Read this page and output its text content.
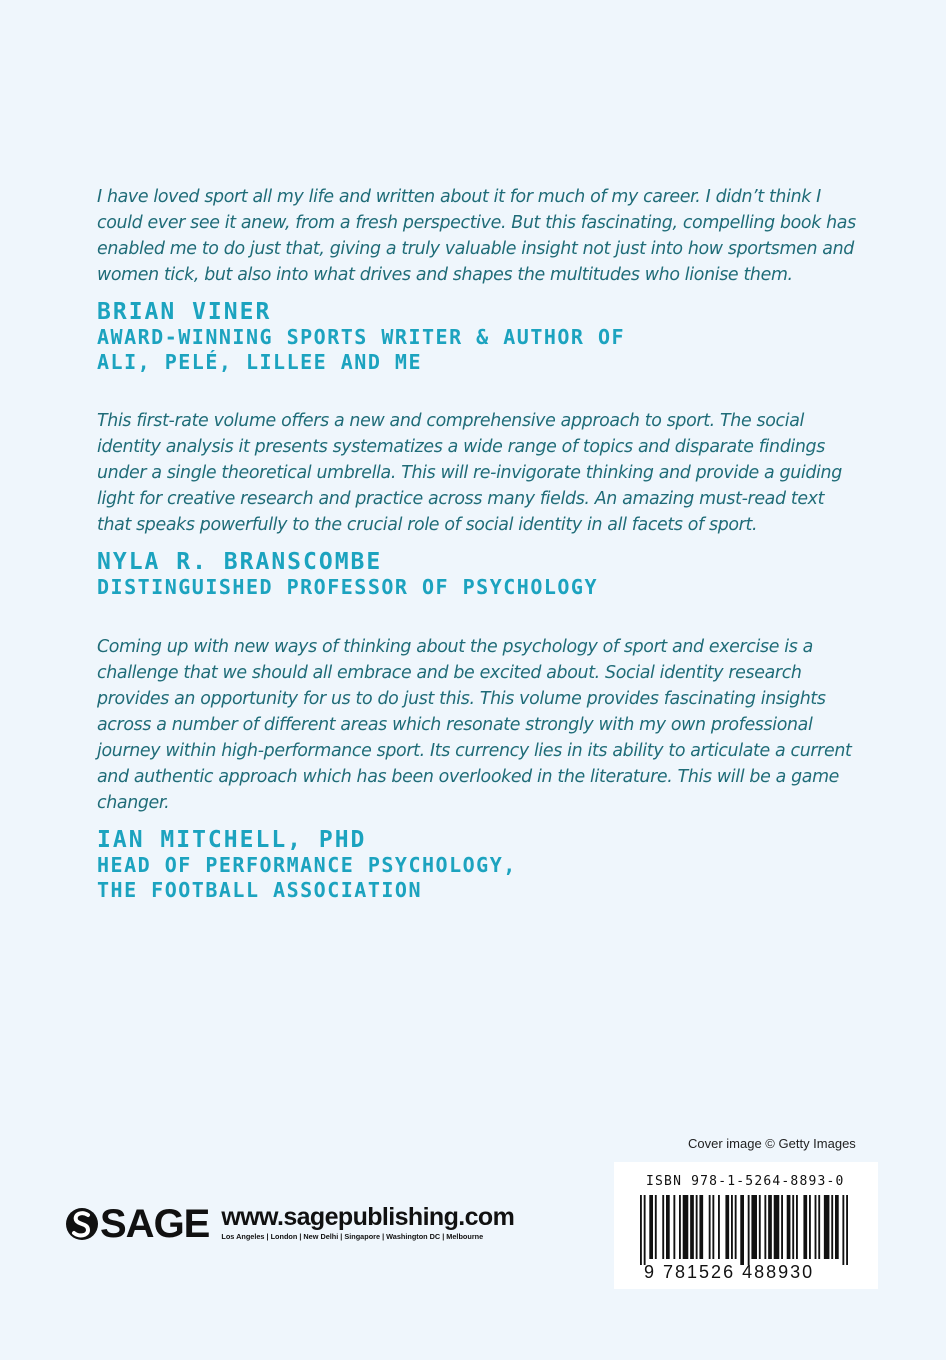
I have loved sport all my life and written about it for much of my career. I didn’t think I could ever see it anew, from a fresh perspective. But this fascinating, compelling book has enabled me to do just that, giving a truly valuable insight not just into how sportsmen and women tick, but also into what drives and shapes the multitudes who lionise them.

BRIAN VINER
AWARD-WINNING SPORTS WRITER & AUTHOR OF
ALI, PELÉ, LILLEE AND ME

This first-rate volume offers a new and comprehensive approach to sport. The social identity analysis it presents systematizes a wide range of topics and disparate findings under a single theoretical umbrella. This will re-invigorate thinking and provide a guiding light for creative research and practice across many fields. An amazing must-read text that speaks powerfully to the crucial role of social identity in all facets of sport.

NYLA R. BRANSCOMBE
DISTINGUISHED PROFESSOR OF PSYCHOLOGY

Coming up with new ways of thinking about the psychology of sport and exercise is a challenge that we should all embrace and be excited about. Social identity research provides an opportunity for us to do just this. This volume provides fascinating insights across a number of different areas which resonate strongly with my own professional journey within high-performance sport. Its currency lies in its ability to articulate a current and authentic approach which has been overlooked in the literature. This will be a game changer.

IAN MITCHELL, PHD
HEAD OF PERFORMANCE PSYCHOLOGY,
THE FOOTBALL ASSOCIATION
Cover image © Getty Images
ISBN 978-1-5264-8893-0
9 781526 488930
SAGE www.sagepublishing.com
Los Angeles | London | New Delhi | Singapore | Washington DC | Melbourne
